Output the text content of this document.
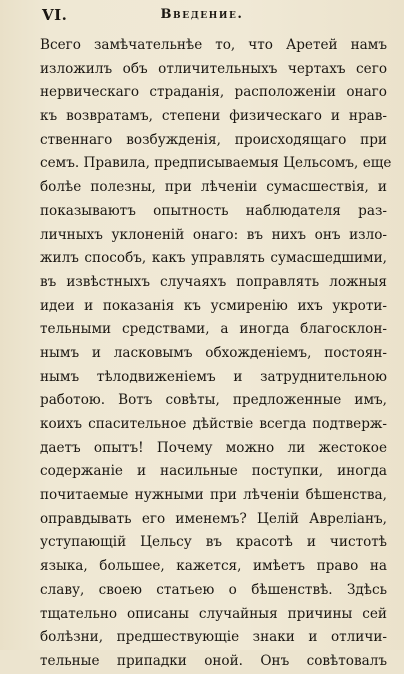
VI.	Введение.
Всего замѣчательнѣе то, что Аретей намъ
изложилъ объ отличительныхъ чертахъ сего
нервическаго страданія, расположеніи онаго
къ возвратамъ, степени физическаго и нрав-
ственнаго возбужденія, происходящаго при
семъ. Правила, предписываемыя Цельсомъ, еще
болѣе полезны, при лѣченіи сумасшествія, и
показываютъ опытность наблюдателя раз-
личныхъ уклоненій онаго: въ нихъ онъ изло-
жилъ способъ, какъ управлять сумасшедшими,
въ извѣстныхъ случаяхъ поправлять ложныя
идеи и показанія къ усмиренію ихъ укроти-
тельными средствами, а иногда благосклон-
нымъ и ласковымъ обхожденіемъ, постоян-
нымъ тѣлодвиженіемъ и затруднительною
работою. Вотъ совѣты, предложенные имъ,
коихъ спасительное дѣйствіе всегда подтверж-
даетъ опытъ! Почему можно ли жестокое
содержаніе и насильные поступки, иногда
почитаемые нужными при лѣченіи бѣшенства,
оправдывать его именемъ? Целій Аврелiанъ,
уступающій Цельсу въ красотѣ и чистотѣ
языка, большее, кажется, имѣетъ право на
славу, своею статьею о бѣшенствѣ. Здѣсь
тщательно описаны случайныя причины сей
болѣзни, предшествующіе знаки и отличи-
тельные припадки оной. Онъ совѣтовалъ
